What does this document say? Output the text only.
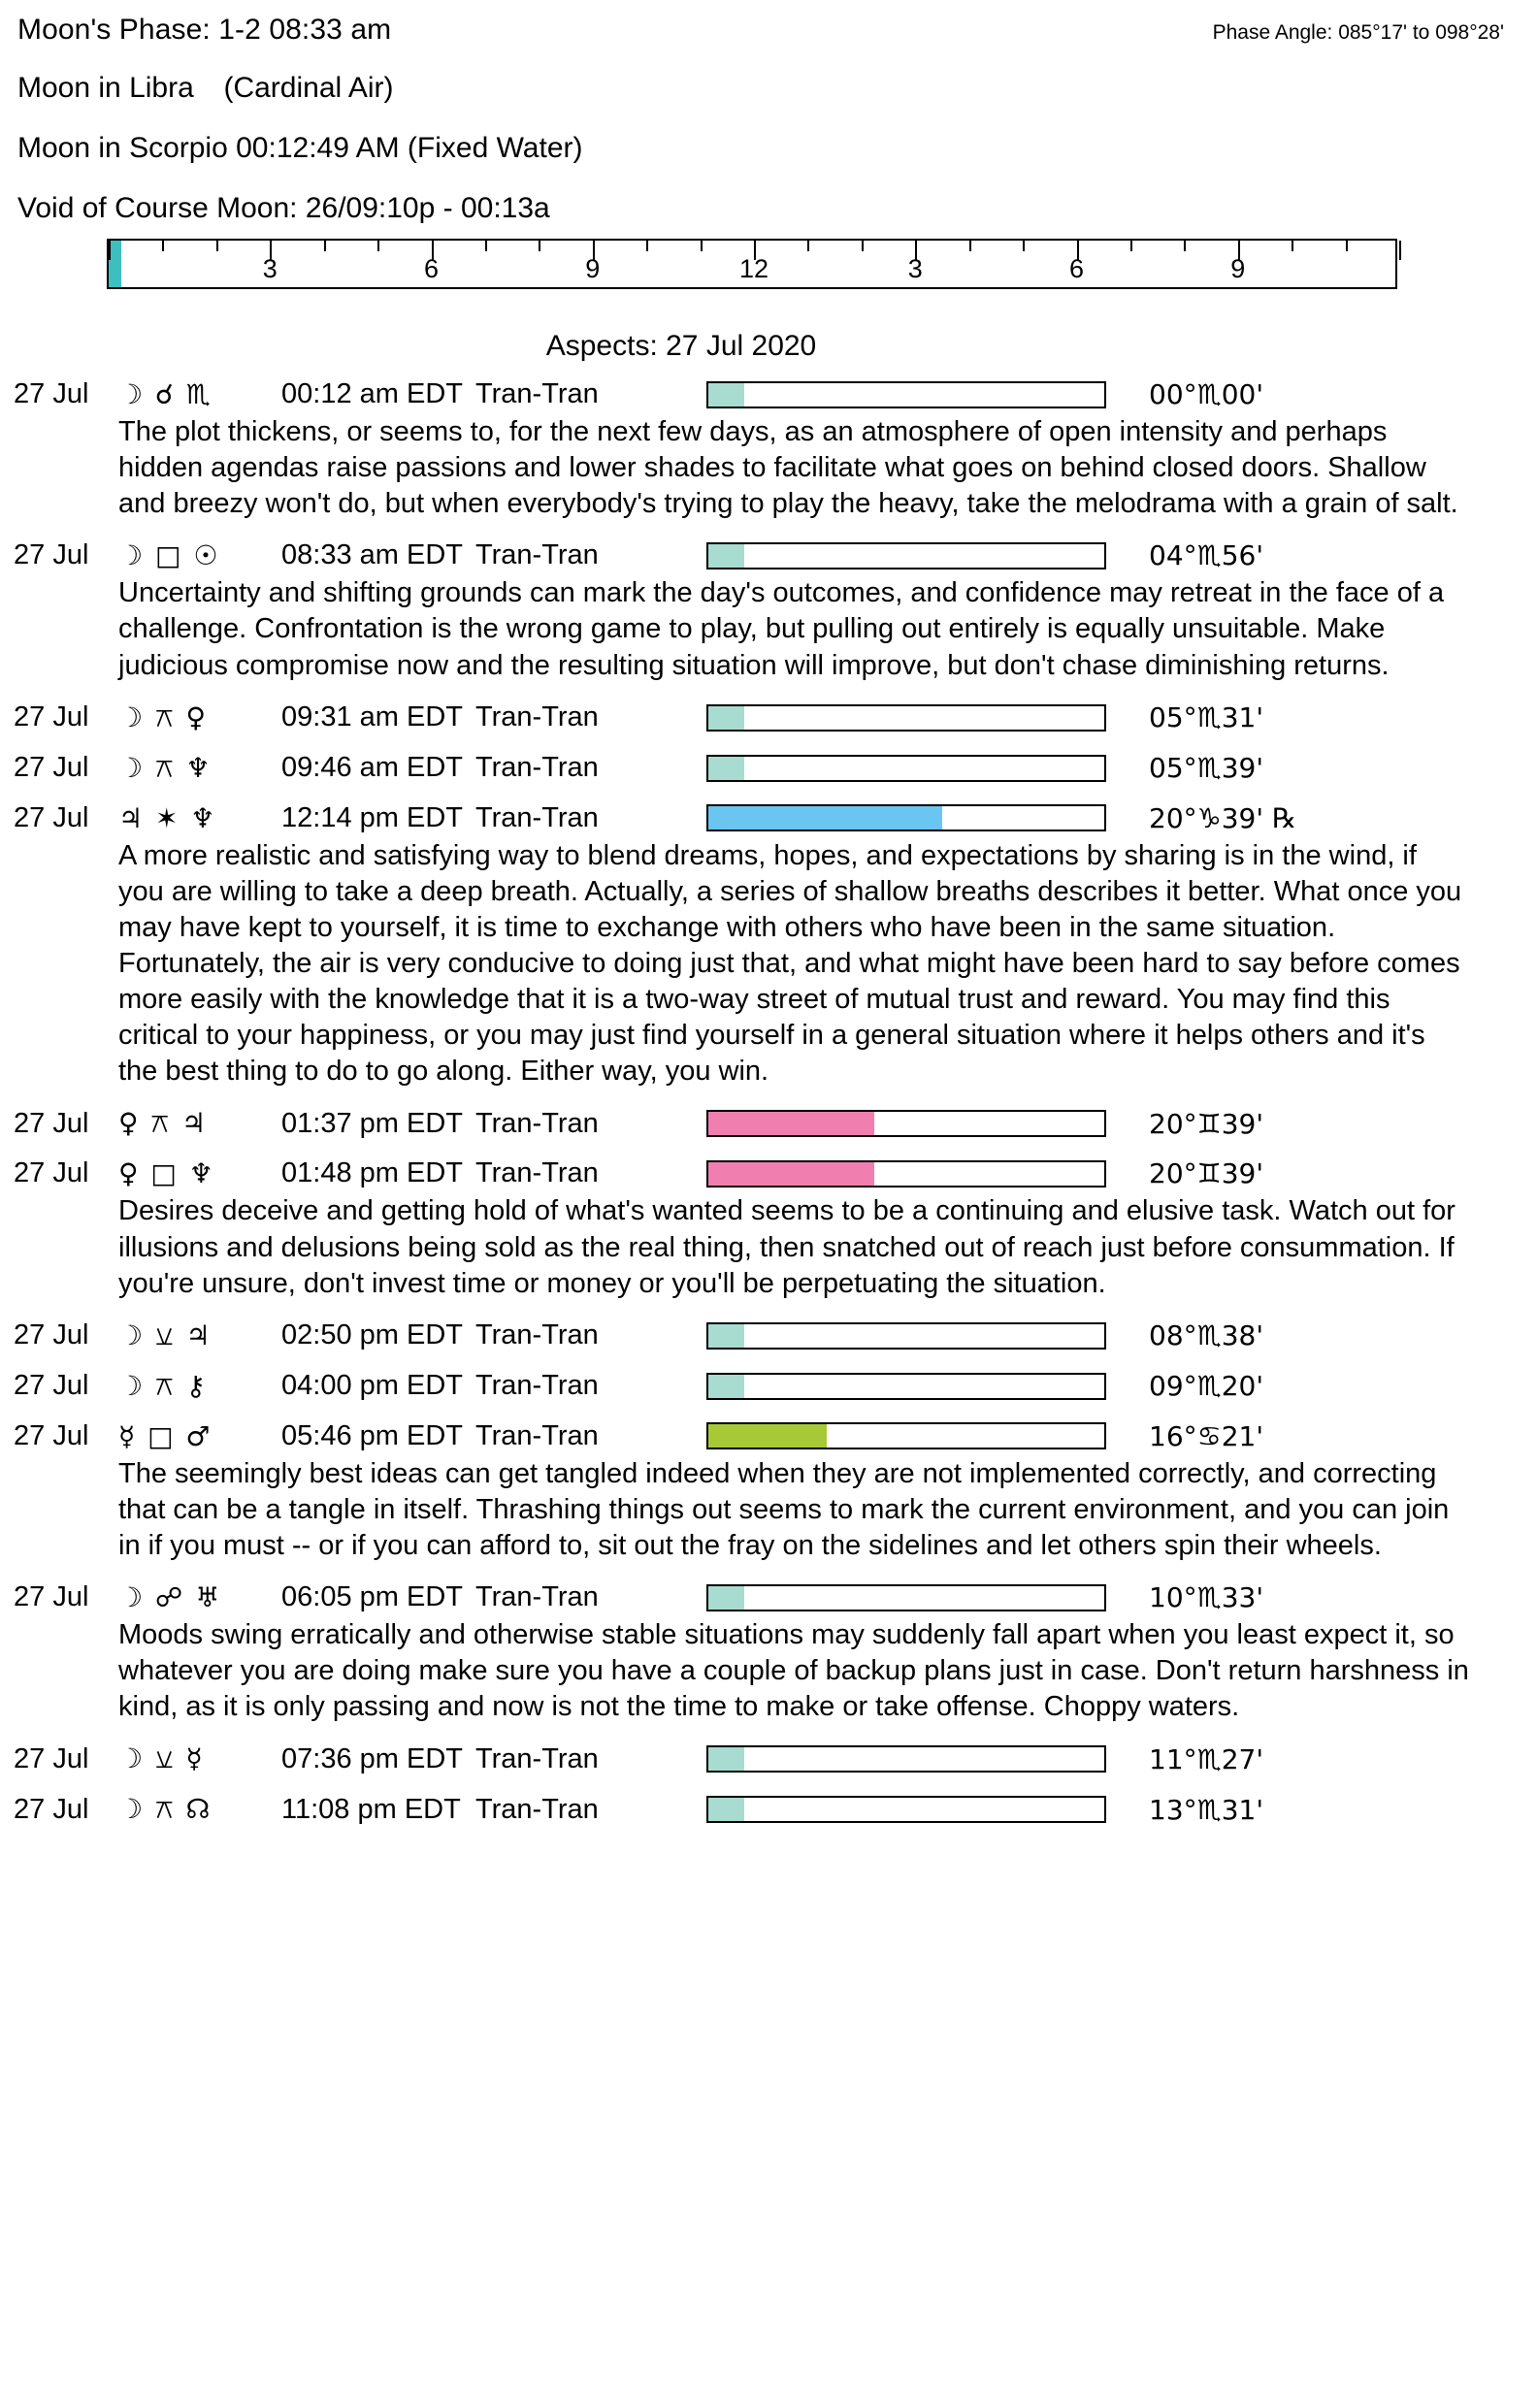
Moon's Phase: 1-2 08:33 am	Phase Angle: 085°17' to 098°28'
Moon in Libra (Cardinal Air)
Moon in Scorpio 00:12:49 AM (Fixed Water)
Void of Course Moon: 26/09:10p - 00:13a
3	6	9	12	3	6	9
Aspects: 27 Jul 2020
27 Jul	☽ ☌ ♏	00:12 am EDT Tran-Tran	00°♏00'
The plot thickens, or seems to, for the next few days, as an atmosphere of open intensity and perhaps hidden agendas raise passions and lower shades to facilitate what goes on behind closed doors. Shallow and breezy won't do, but when everybody's trying to play the heavy, take the melodrama with a grain of salt.
27 Jul	☽ □ ☉	08:33 am EDT Tran-Tran	04°♏56'
Uncertainty and shifting grounds can mark the day's outcomes, and confidence may retreat in the face of a challenge. Confrontation is the wrong game to play, but pulling out entirely is equally unsuitable. Make judicious compromise now and the resulting situation will improve, but don't chase diminishing returns.
27 Jul	☽ ⚻ ♀	09:31 am EDT Tran-Tran	05°♏31'
27 Jul	☽ ⚻ ♆	09:46 am EDT Tran-Tran	05°♏39'
27 Jul	♃ ✶ ♆	12:14 pm EDT Tran-Tran	20°♑39' ℞
A more realistic and satisfying way to blend dreams, hopes, and expectations by sharing is in the wind, if you are willing to take a deep breath. Actually, a series of shallow breaths describes it better. What once you may have kept to yourself, it is time to exchange with others who have been in the same situation. Fortunately, the air is very conducive to doing just that, and what might have been hard to say before comes more easily with the knowledge that it is a two-way street of mutual trust and reward. You may find this critical to your happiness, or you may just find yourself in a general situation where it helps others and it's the best thing to do to go along. Either way, you win.
27 Jul	♀ ⚻ ♃	01:37 pm EDT Tran-Tran	20°♊39'
27 Jul	♀ □ ♆	01:48 pm EDT Tran-Tran	20°♊39'
Desires deceive and getting hold of what's wanted seems to be a continuing and elusive task. Watch out for illusions and delusions being sold as the real thing, then snatched out of reach just before consummation. If you're unsure, don't invest time or money or you'll be perpetuating the situation.
27 Jul	☽ ⚺ ♃	02:50 pm EDT Tran-Tran	08°♏38'
27 Jul	☽ ⚻ ⚷	04:00 pm EDT Tran-Tran	09°♏20'
27 Jul	☿ □ ♂	05:46 pm EDT Tran-Tran	16°♋21'
The seemingly best ideas can get tangled indeed when they are not implemented correctly, and correcting that can be a tangle in itself. Thrashing things out seems to mark the current environment, and you can join in if you must -- or if you can afford to, sit out the fray on the sidelines and let others spin their wheels.
27 Jul	☽ ☍ ♅	06:05 pm EDT Tran-Tran	10°♏33'
Moods swing erratically and otherwise stable situations may suddenly fall apart when you least expect it, so whatever you are doing make sure you have a couple of backup plans just in case. Don't return harshness in kind, as it is only passing and now is not the time to make or take offense. Choppy waters.
27 Jul	☽ ⚺ ☿	07:36 pm EDT Tran-Tran	11°♏27'
27 Jul	☽ ⚻ ☊	11:08 pm EDT Tran-Tran	13°♏31'
